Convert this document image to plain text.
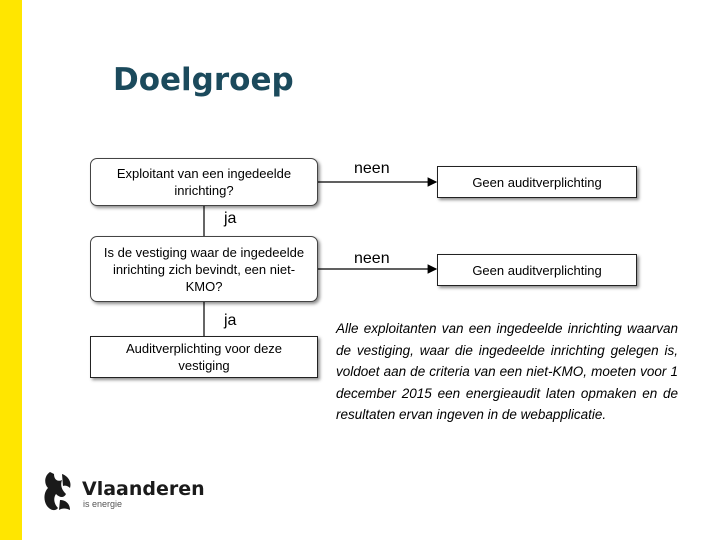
Doelgroep
Exploitant van een ingedeelde inrichting?
Is de vestiging waar de ingedeelde inrichting zich bevindt, een niet-KMO?
Auditverplichting voor deze vestiging
Geen auditverplichting
Geen auditverplichting
neen
neen
ja
ja	Alle exploitanten van een ingedeelde inrichting waarvan de vestiging, waar die ingedeelde inrichting gelegen is, voldoet aan de criteria van een niet-KMO, moeten voor 1 december 2015 een energieaudit laten opmaken en de resultaten ervan ingeven in de webapplicatie.
Vlaanderen
is energie
